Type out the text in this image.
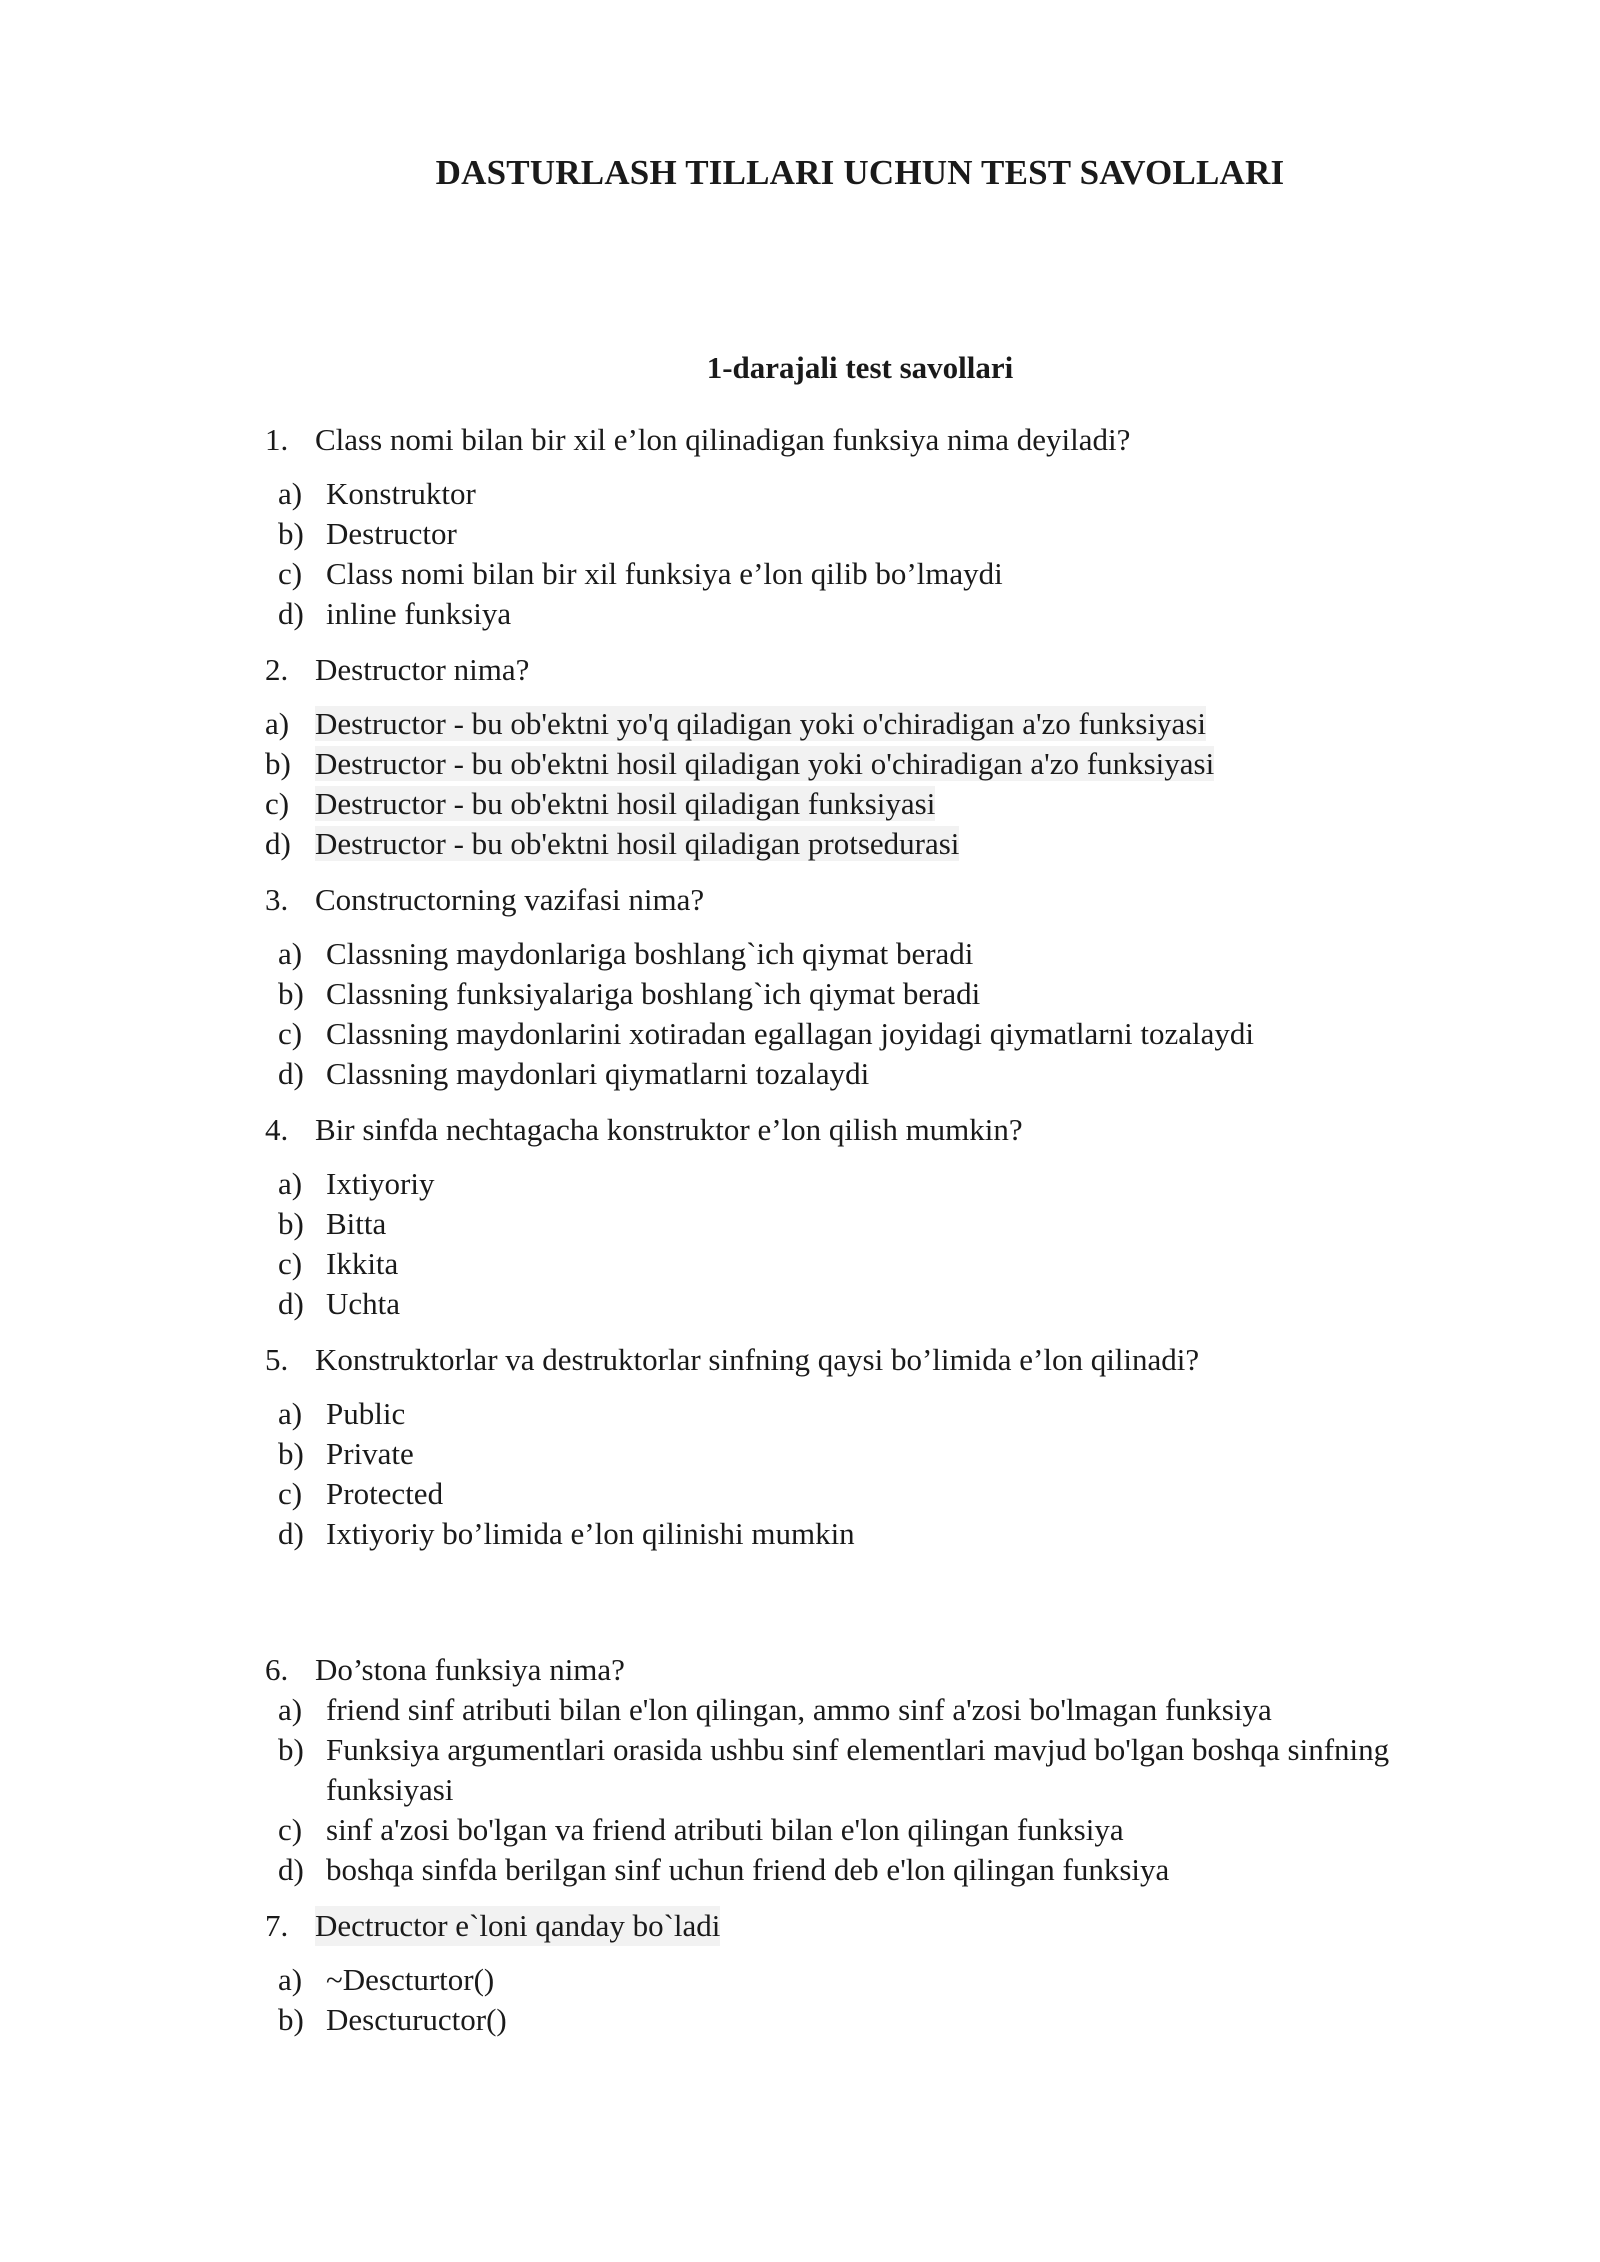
DASTURLASH TILLARI UCHUN TEST SAVOLLARI
1-darajali test savollari
1. Class nomi bilan bir xil e’lon qilinadigan funksiya nima deyiladi?
a) Konstruktor
b) Destructor
c) Class nomi bilan bir xil funksiya e’lon qilib bo’lmaydi
d) inline funksiya
2. Destructor nima?
a) Destructor - bu ob'ektni yo'q qiladigan yoki o'chiradigan a'zo funksiyasi
b) Destructor - bu ob'ektni hosil qiladigan yoki o'chiradigan a'zo funksiyasi
c) Destructor - bu ob'ektni hosil qiladigan funksiyasi
d) Destructor - bu ob'ektni hosil qiladigan protsedurasi
3. Constructorning vazifasi nima?
a) Classning maydonlariga boshlang`ich qiymat beradi
b) Classning funksiyalariga boshlang`ich qiymat beradi
c) Classning maydonlarini xotiradan egallagan joyidagi qiymatlarni tozalaydi
d) Classning maydonlari qiymatlarni tozalaydi
4. Bir sinfda nechtagacha konstruktor e’lon qilish mumkin?
a) Ixtiyoriy
b) Bitta
c) Ikkita
d) Uchta
5. Konstruktorlar va destruktorlar sinfning qaysi bo’limida e’lon qilinadi?
a) Public
b) Private
c) Protected
d) Ixtiyoriy bo’limida e’lon qilinishi mumkin
6. Do’stona funksiya nima?
a) friend sinf atributi bilan e'lon qilingan, ammo sinf a'zosi bo'lmagan funksiya
b) Funksiya argumentlari orasida ushbu sinf elementlari mavjud bo'lgan boshqa sinfning funksiyasi
c) sinf a'zosi bo'lgan va friend atributi bilan e'lon qilingan funksiya
d) boshqa sinfda berilgan sinf uchun friend deb e'lon qilingan funksiya
7. Dectructor e`loni qanday bo`ladi
a) ~Descturtor()
b) Desctuructor()
